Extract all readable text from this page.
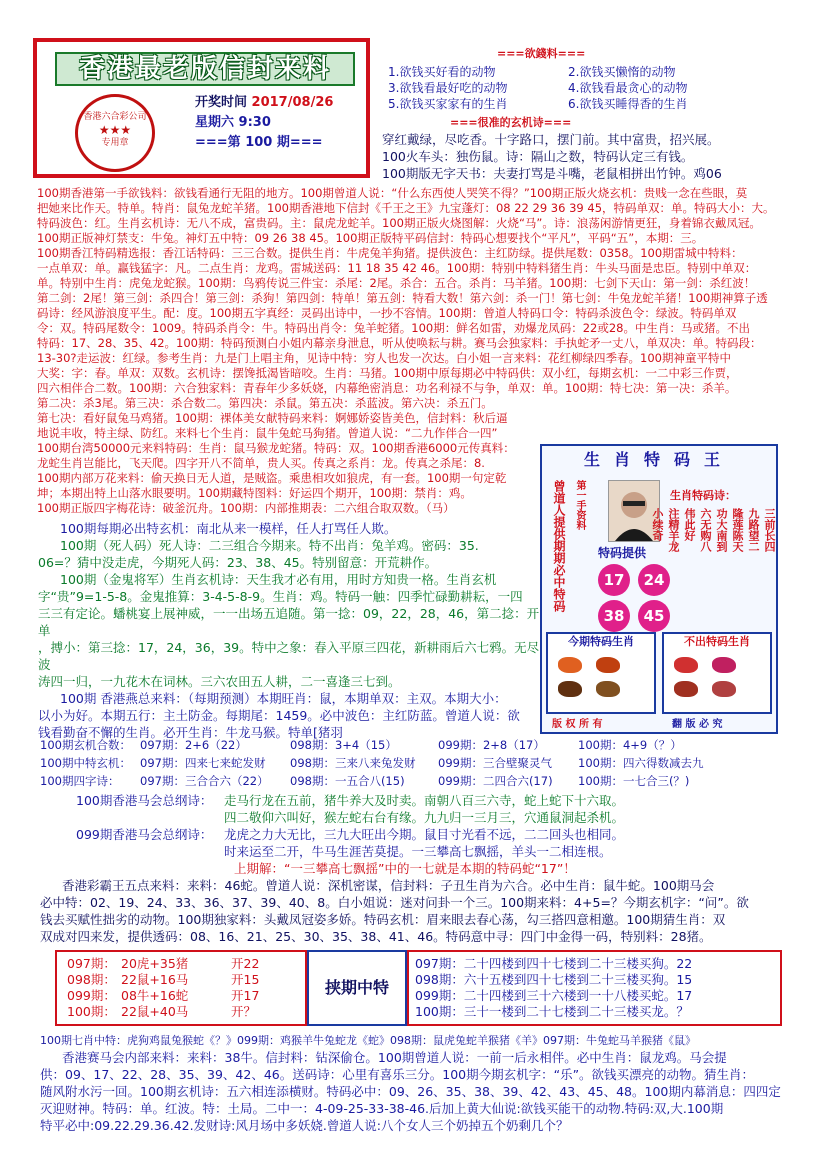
香港最老版信封来料
香港六合彩公司
★★★
专用章
开奖时间 2017/08/26
星期六 9:30
===第 100 期===
===欲錢料===
1.欲钱买好看的动物	2.欲钱买懒惰的动物
3.欲钱看最好吃的动物	4.欲钱看最贪心的动物
5.欲钱买家家有的生肖	6.欲钱买睡得香的生肖
===很准的玄机诗===
穿红戴绿，尽吃香。十字路口，摆门前。其中富贵，招兴展。
100火车头：独伤鼠。诗：隔山之数，特码认定三有钱。
100期版无字天书：夫妻打骂是斗嘴，老鼠相拼出竹钟。鸡06
100期香港第一手欲钱料：欲钱看通行无阻的地方。100期曾道人说：“什么东西使人哭笑不得？”100期正版火烧玄机：贵贱一念在些眼，莫
把她来比作天。特单。特肖：鼠兔龙蛇羊猪。100期香港地下信封《千王之王》九宝蓬灯：08 22 29 36 39 45，特码单双：单。特码大小：大。
特码波色：红。生肖玄机诗：无八不成，富贵码。主：鼠虎龙蛇羊。100期正版火烧图解：火烧“马”。诗：浪荡闲游情更狂，身着锦衣戴凤冠。
100期正版神灯禁支：牛兔。神灯五中特：09 26 38 45。100期正版特平码信封：特码心想要找个“平凡”，平码“五”，本期：三。
100期香江特码精选报：香江话特码：三三合数。提供生肖：牛虎兔羊狗猪。提供波色：主红防绿。提供尾数：0358。100期雷城中特料：
一点单双：单。赢钱猛字：凡。二点生肖：龙鸡。雷城送码：11 18 35 42 46。100期：特别中特料猪生肖：牛头马面是忠臣。特别中单双：
单。特别中生肖：虎兔龙蛇猴。100期：鸟鸦传说三件宝：杀尾：2尾。杀合：五合。杀肖：马羊猪。100期：七剑下天山：第一剑：杀红波！
第二剑：2尾！第三剑：杀四合！第三剑：杀狗！第四剑：特单！第五剑：特看大数！第六剑：杀一门！第七剑：牛兔龙蛇羊猪！100期神算子透
码诗：经风游浪度平生。配：度。100期五字真经：灵码出诗中，一抄不容情。100期：曾道人特码口令：特码杀波色令：绿波。特码单双
令：双。特码尾数令：1009。特码杀肖令：牛。特码出肖令：兔羊蛇猪。100期：鲜名如雷，劝爆龙凤码：22或28。中生肖：马或猪。不出
特码：17、28、35、42。100期：特码预测白小姐内幕亲身泄息，听从使唤耘与耕。赛马会独家料：手执蛇矛一丈八，单双决：单。特码段：
13-30?走运波：红绿。参考生肖：九是门上唱主角，见诗中特：穷人也发一次达。白小姐一言来料：花红柳绿四季春。100期神童平特中
大奖：字：春。单双：双数。玄机诗：摆馋抵渴皆暗咬。生肖：马猪。100期中原每期必中特码供：双小红，每期玄机：一二中彩三作贾，
四六相伴合二数。100期：六合独家料：青春年少多妖娆，内幕绝密消息：功名利禄不与争，单双：单。100期：特七决：第一决：杀羊。
第二决：杀3尾。第三决：杀合数二。第四决：杀鼠。第五决：杀蓝波。第六决：杀五门。
第七决：看好鼠兔马鸡猪。100期：裸体美女献特码来料：婀娜娇姿皆美色，信封料：秋后逼
地说丰收，特主绿、防红。来料七个生肖：鼠牛兔蛇马狗猪。曾道人说：“二九作伴合一四”
100期台湾50000元来料特码：生肖：鼠马猴龙蛇猪。特码：双。100期香港6000元传真料：
龙蛇生肖岂能比，飞天爬。四字开八不简单，贵人买。传真之系肖：龙。传真之杀尾：8.
100期内部万花来料：偷天换日无人道，是贼盗。乘患相攻如狼虎，有一套。100期一句定乾
坤；本期出特上山落水眼要明。100期藏特图料：好运四个期开，100期：禁肖：鸡。
100期正版四字梅花诗：破釜沉舟。100期：内部推期表：二六组合取双数。（马）
100期每期必出特玄机：南北从来一模样，任人打骂任人欺。
100期（死人码）死人诗：二三组合今期来。特不出肖：兔羊鸡。密码：35.
06=？猜中没走虎，今期死人码：23、38、45。特别留意：开荒耕作。
100期（金鬼将军）生肖玄机诗：天生我才必有用，用时方知贵一格。生肖玄机
字“贵”9=1-5-8。金鬼推算：3-4-5-8-9。生肖：鸡。特码一触：四季忙碌勤耕耘，一四
三三有定论。蟠桃宴上展神威，一一出场五追随。第一捻：09，22，28，46，第二捻：开单
，搏小：第三捻：17，24，36，39。特中之象：春入平原三四花，新耕雨后六七鸦。无尽波
涛四一归，一九花木在词林。三六农田五人耕，二一喜逢三七到。
100期 香港燕总来料：（每期预测）本期旺肖：鼠，本期单双：主双。本期大小：
以小为好。本期五行：主土防金。每期尾：1459。必中波色：主红防蓝。曾道人说：欲
钱看勤奋不懈的生肖。必开生肖：牛龙马猴。特单[猪羽
生肖特码王
曾道人提供期期必中特码 第一手资料
特码提供
17	24
38	45
生肖特码诗：
三前长四
九路望二
隆莲陈天
功大南到
六无购八
伟此好
注精羊龙
小续奇
今期特码生肖	不出特码生肖
版 权 所 有	翻 版 必 究
100期玄机合数： 097期：2+6（22）	098期：3+4（15）	099期：2+8（17）	100期：4+9（？）
100期中特玄机： 097期：四来七来蛇发财	098期：三来八来兔发财	099期：三合壁聚灵气	100期：四六得数减去九
100期四字诗：	097期：三合合六（22）	098期：一五合八(15)	099期：二四合六(17)	100期：一七合三(？)
100期香港马会总纲诗： 走马行龙在五前，猪牛养大及时卖。南朝八百三六寺，蛇上蛇下十六取。
四二敬仰六叫好，猴左蛇右台有缘。九九归一三月三，穴通鼠洞起杀机。
099期香港马会总纲诗： 龙虎之力大无比，三九大旺出今期。鼠目寸光看不远，二二回头也相同。
时来运至二开，牛马生涯苦莫提。一三攀高七飘摇，羊头一二相连根。
上期解：“一三攀高七飘摇”中的一七就是本期的特码蛇“17”！
香港彩霸王五点来料：来料：46蛇。曾道人说：深机密谋，信封料：子丑生肖为六合。必中生肖：鼠牛蛇。100期马会
必中特：02、19、24、33、36、37、39、40、8。白小姐说：迷对问卦一个三。100期来料：4+5=？今期玄机字：“问”。欲
钱去买赋性拙劣的动物。100期独家料：头戴凤冠姿多娇。特码玄机：眉来眼去春心荡，勾三搭四意相邀。100期猜生肖：双
双成对四来发，提供透码：08、16、21、25、30、35、38、41、46。特码意中寻：四门中金得一码，特别料：28猪。
097期： 20虎+35猪	开22
098期： 22鼠+16马	开15
099期： 08牛+16蛇	开17
100期： 22鼠+40马	开？
挟期中特
097期：二十四楼到四十七楼到二十三楼买狗。22
098期：六十五楼到四十七楼到二十三楼买狗。15
099期：二十四楼到三十六楼到一十八楼买蛇。17
100期：三十一楼到二十七楼到二十三楼买龙。？
100期七肖中特：虎狗鸡鼠兔猴蛇《？》099期：鸡猴羊牛兔蛇龙《蛇》098期：鼠虎兔蛇羊猴猪《羊》097期：牛兔蛇马羊猴猪《鼠》
香港赛马会内部来料：来料：38牛。信封料：钻深偷仓。100期曾道人说：一前一后永相伴。必中生肖：鼠龙鸡。马会提
供：09、17、22、28、35、39、42、46。送码诗：心里有喜乐三分。100期今期玄机字：“乐”。欲钱买漂亮的动物。猜生肖：
随风附水污一回。100期玄机诗：五六相连添横财。特码必中：09、26、35、38、39、42、43、45、48。100期内幕消息：四四定
灭迎财神。特码：单。红波。特：土局。二中一：4-09-25-33-38-46.后加上黄大仙说:欲钱买能干的动物.特码:双,大.100期
特平必中:09.22.29.36.42.发财诗:风月场中多妖娆.曾道人说:八个女人三个奶掉五个奶剩几个？
